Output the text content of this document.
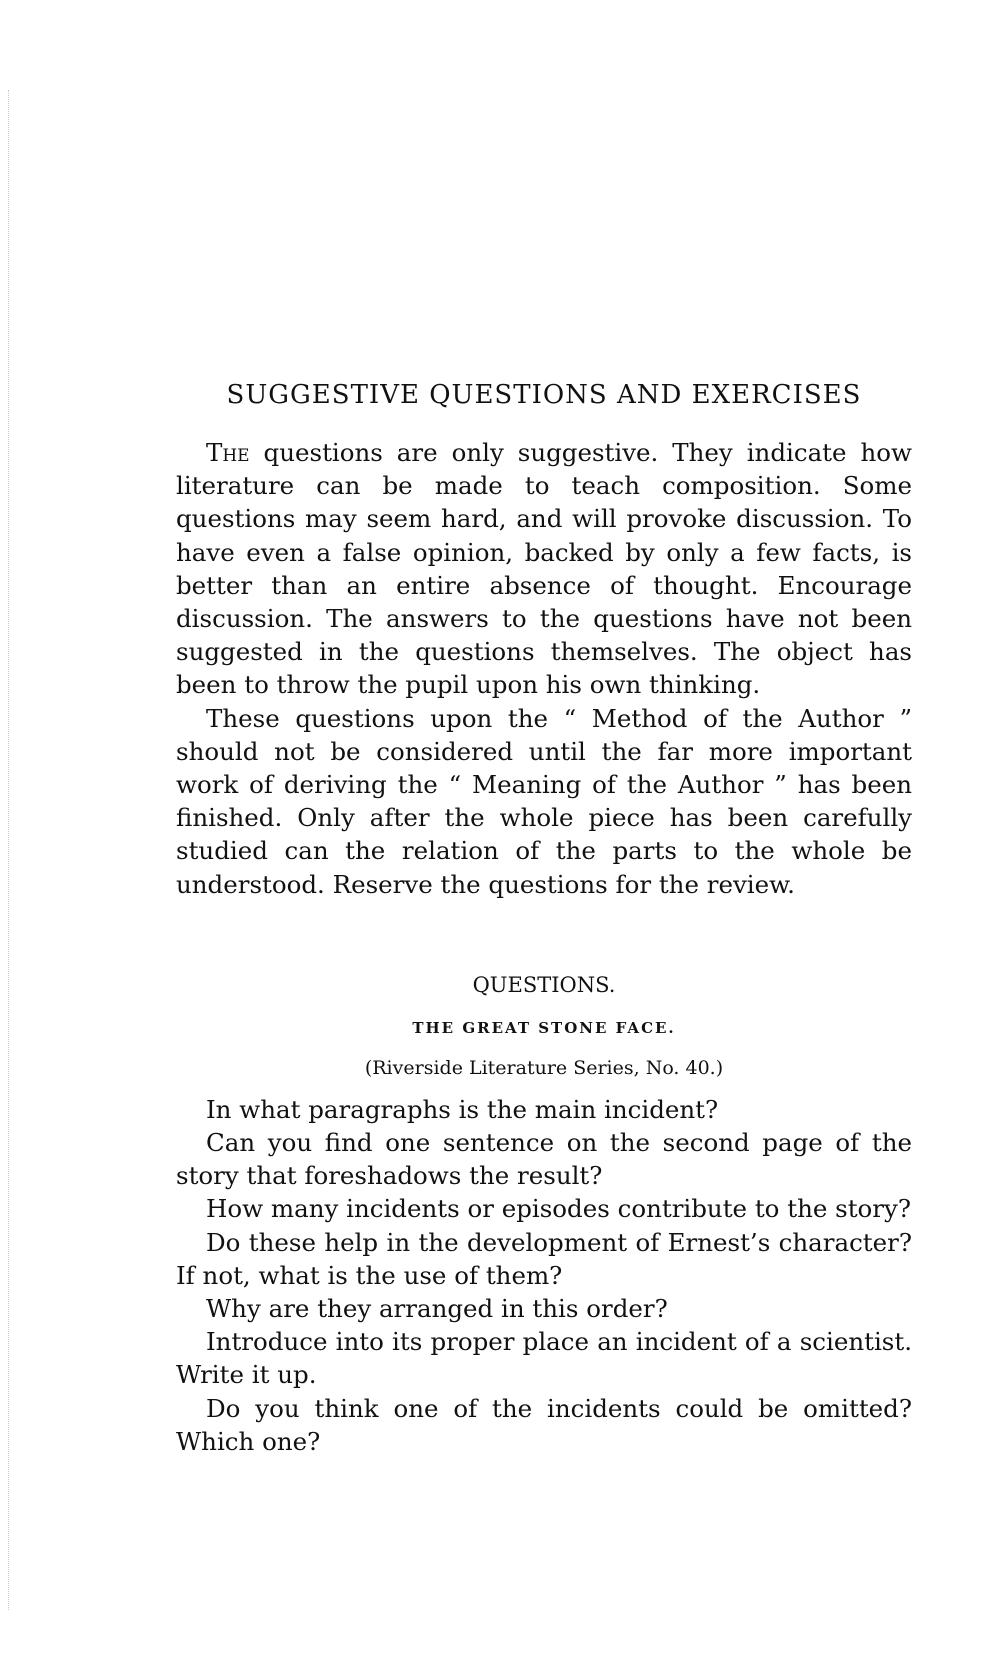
SUGGESTIVE QUESTIONS AND EXERCISES

The questions are only suggestive. They indicate how literature can be made to teach composition. Some questions may seem hard, and will provoke discussion. To have even a false opinion, backed by only a few facts, is better than an entire absence of thought. Encourage discussion. The answers to the questions have not been suggested in the questions themselves. The object has been to throw the pupil upon his own thinking.

These questions upon the “ Method of the Author ” should not be considered until the far more important work of deriving the “ Meaning of the Author ” has been finished. Only after the whole piece has been carefully studied can the relation of the parts to the whole be understood. Reserve the questions for the review.

QUESTIONS.
THE GREAT STONE FACE.
(Riverside Literature Series, No. 40.)

In what paragraphs is the main incident?

Can you find one sentence on the second page of the story that foreshadows the result?

How many incidents or episodes contribute to the story?

Do these help in the development of Ernest’s character? If not, what is the use of them?

Why are they arranged in this order?

Introduce into its proper place an incident of a scientist. Write it up.

Do you think one of the incidents could be omitted? Which one?
